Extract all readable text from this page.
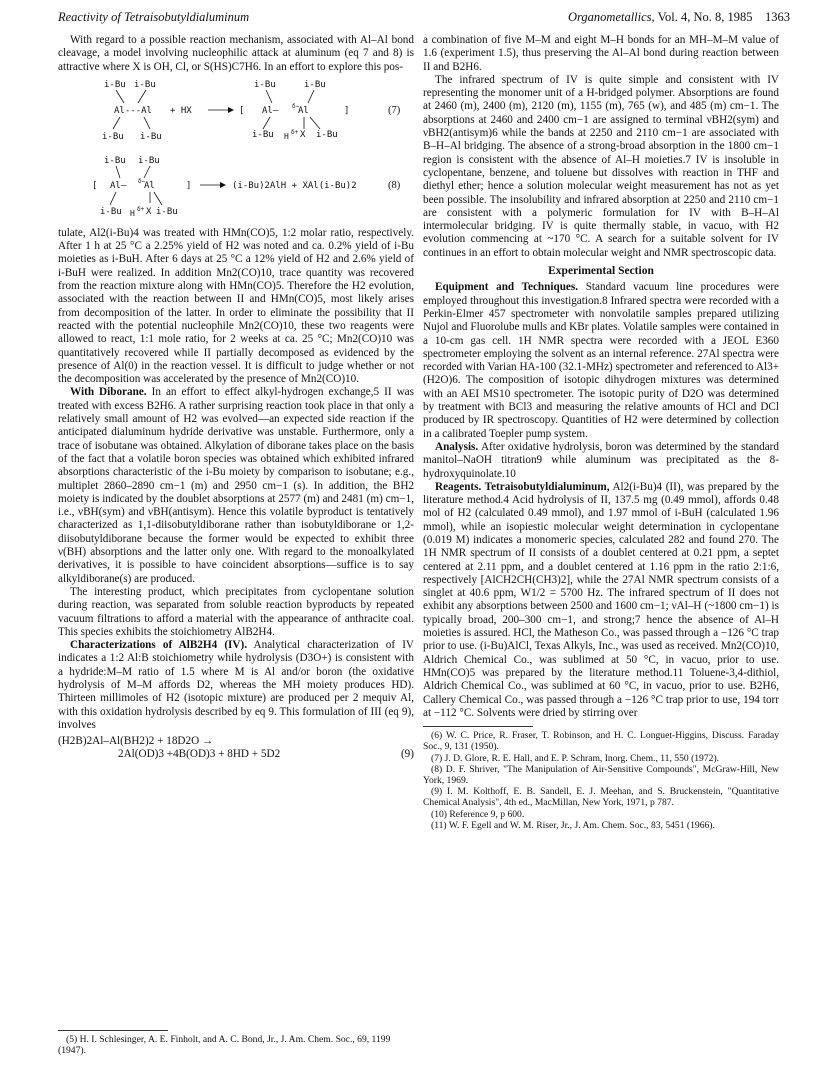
Reactivity of Tetraisobutyldialuminum	Organometallics, Vol. 4, No. 8, 1985 1363

With regard to a possible reaction mechanism, associated with Al–Al bond cleavage, a model involving nucleophilic attack at aluminum (eq 7 and 8) is attractive where X is OH, Cl, or S(HS)C7H6. In an effort to explore this pos-

i-Bu i-Bu
Al---Al
i-Bu i-Bu
+ HX	[
i-Bu	i-Bu
Al— δ−
Al
i-Bu	i-Bu
H δ+ X
]	(7)
i-Bu i-Bu
[ Al— δ−
Al
i-Bu H δ+ X i-Bu
]	(i-Bu)2AlH + XAl(i-Bu)2	(8)

tulate, Al2(i-Bu)4 was treated with HMn(CO)5, 1:2 molar ratio, respectively. After 1 h at 25 °C a 2.25% yield of H2 was noted and ca. 0.2% yield of i-Bu moieties as i-BuH. After 6 days at 25 °C a 12% yield of H2 and 2.6% yield of i-BuH were realized. In addition Mn2(CO)10, trace quantity was recovered from the reaction mixture along with HMn(CO)5. Therefore the H2 evolution, associated with the reaction between II and HMn(CO)5, most likely arises from decomposition of the latter. In order to eliminate the possibility that II reacted with the potential nucleophile Mn2(CO)10, these two reagents were allowed to react, 1:1 mole ratio, for 2 weeks at ca. 25 °C; Mn2(CO)10 was quantitatively recovered while II partially decomposed as evidenced by the presence of Al(0) in the reaction vessel. It is difficult to judge whether or not the decomposition was accelerated by the presence of Mn2(CO)10.

With Diborane. In an effort to effect alkyl-hydrogen exchange,5 II was treated with excess B2H6. A rather surprising reaction took place in that only a relatively small amount of H2 was evolved—an expected side reaction if the anticipated dialuminum hydride derivative was unstable. Furthermore, only a trace of isobutane was obtained. Alkylation of diborane takes place on the basis of the fact that a volatile boron species was obtained which exhibited infrared absorptions characteristic of the i-Bu moiety by comparison to isobutane; e.g., multiplet 2860–2890 cm−1 (m) and 2950 cm−1 (s). In addition, the BH2 moiety is indicated by the doublet absorptions at 2577 (m) and 2481 (m) cm−1, i.e., νBH(sym) and νBH(antisym). Hence this volatile byproduct is tentatively characterized as 1,1-diisobutyldiborane rather than isobutyldiborane or 1,2-diisobutyldiborane because the former would be expected to exhibit three ν(BH) absorptions and the latter only one. With regard to the monoalkylated derivatives, it is possible to have coincident absorptions—suffice is to say alkyldiborane(s) are produced.

The interesting product, which precipitates from cyclopentane solution during reaction, was separated from soluble reaction byproducts by repeated vacuum filtrations to afford a material with the appearance of anthracite coal. This species exhibits the stoichiometry AlB2H4.

Characterizations of AlB2H4 (IV). Analytical characterization of IV indicates a 1:2 Al:B stoichiometry while hydrolysis (D3O+) is consistent with a hydride:M–M ratio of 1.5 where M is Al and/or boron (the oxidative hydrolysis of M–M affords D2, whereas the MH moiety produces HD). Thirteen millimoles of H2 (isotopic mixture) are produced per 2 mequiv Al, with this oxidation hydrolysis described by eq 9. This formulation of III (eq 9), involves

(H2B)2Al–Al(BH2)2 + 18D2O →
2Al(OD)3 +4B(OD)3 + 8HD + 5D2	(9)

(5) H. I. Schlesinger, A. E. Finholt, and A. C. Bond, Jr., J. Am. Chem. Soc., 69, 1199 (1947).

a combination of five M–M and eight M–H bonds for an MH–M–M value of 1.6 (experiment 1.5), thus preserving the Al–Al bond during reaction between II and B2H6.

The infrared spectrum of IV is quite simple and consistent with IV representing the monomer unit of a H-bridged polymer. Absorptions are found at 2460 (m), 2400 (m), 2120 (m), 1155 (m), 765 (w), and 485 (m) cm−1. The absorptions at 2460 and 2400 cm−1 are assigned to terminal νBH2(sym) and νBH2(antisym)6 while the bands at 2250 and 2110 cm−1 are associated with B–H–Al bridging. The absence of a strong-broad absorption in the 1800 cm−1 region is consistent with the absence of Al–H moieties.7 IV is insoluble in cyclopentane, benzene, and toluene but dissolves with reaction in THF and diethyl ether; hence a solution molecular weight measurement has not as yet been possible. The insolubility and infrared absorption at 2250 and 2110 cm−1 are consistent with a polymeric formulation for IV with B–H–Al intermolecular bridging. IV is quite thermally stable, in vacuo, with H2 evolution commencing at ~170 °C. A search for a suitable solvent for IV continues in an effort to obtain molecular weight and NMR spectroscopic data.

Experimental Section

Equipment and Techniques. Standard vacuum line procedures were employed throughout this investigation.8 Infrared spectra were recorded with a Perkin-Elmer 457 spectrometer with nonvolatile samples prepared utilizing Nujol and Fluorolube mulls and KBr plates. Volatile samples were contained in a 10-cm gas cell. 1H NMR spectra were recorded with a JEOL E360 spectrometer employing the solvent as an internal reference. 27Al spectra were recorded with Varian HA-100 (32.1-MHz) spectrometer and referenced to Al3+(H2O)6. The composition of isotopic dihydrogen mixtures was determined with an AEI MS10 spectrometer. The isotopic purity of D2O was determined by treatment with BCl3 and measuring the relative amounts of HCl and DCl produced by IR spectroscopy. Quantities of H2 were determined by collection in a calibrated Toepler pump system.

Analysis. After oxidative hydrolysis, boron was determined by the standard manitol–NaOH titration9 while aluminum was precipitated as the 8-hydroxyquinolate.10

Reagents. Tetraisobutyldialuminum, Al2(i-Bu)4 (II), was prepared by the literature method.4 Acid hydrolysis of II, 137.5 mg (0.49 mmol), affords 0.48 mol of H2 (calculated 0.49 mmol), and 1.97 mmol of i-BuH (calculated 1.96 mmol), while an isopiestic molecular weight determination in cyclopentane (0.019 M) indicates a monomeric species, calculated 282 and found 270. The 1H NMR spectrum of II consists of a doublet centered at 0.21 ppm, a septet centered at 2.11 ppm, and a doublet centered at 1.16 ppm in the ratio 2:1:6, respectively [AlCH2CH(CH3)2], while the 27Al NMR spectrum consists of a singlet at 40.6 ppm, W1/2 = 5700 Hz. The infrared spectrum of II does not exhibit any absorptions between 2500 and 1600 cm−1; νAl–H (~1800 cm−1) is typically broad, 200–300 cm−1, and strong;7 hence the absence of Al–H moieties is assured. HCl, the Matheson Co., was passed through a −126 °C trap prior to use. (i-Bu)AlCl, Texas Alkyls, Inc., was used as received. Mn2(CO)10, Aldrich Chemical Co., was sublimed at 50 °C, in vacuo, prior to use. HMn(CO)5 was prepared by the literature method.11 Toluene-3,4-dithiol, Aldrich Chemical Co., was sublimed at 60 °C, in vacuo, prior to use. B2H6, Callery Chemical Co., was passed through a −126 °C trap prior to use, 194 torr at −112 °C. Solvents were dried by stirring over

(6) W. C. Price, R. Fraser, T. Robinson, and H. C. Longuet-Higgins, Discuss. Faraday Soc., 9, 131 (1950).

(7) J. D. Glore, R. E. Hall, and E. P. Schram, Inorg. Chem., 11, 550 (1972).

(8) D. F. Shriver, "The Manipulation of Air-Sensitive Compounds", McGraw-Hill, New York, 1969.

(9) I. M. Kolthoff, E. B. Sandell, E. J. Meehan, and S. Bruckenstein, "Quantitative Chemical Analysis", 4th ed., MacMillan, New York, 1971, p 787.

(10) Reference 9, p 600.

(11) W. F. Egell and W. M. Riser, Jr., J. Am. Chem. Soc., 83, 5451 (1966).
